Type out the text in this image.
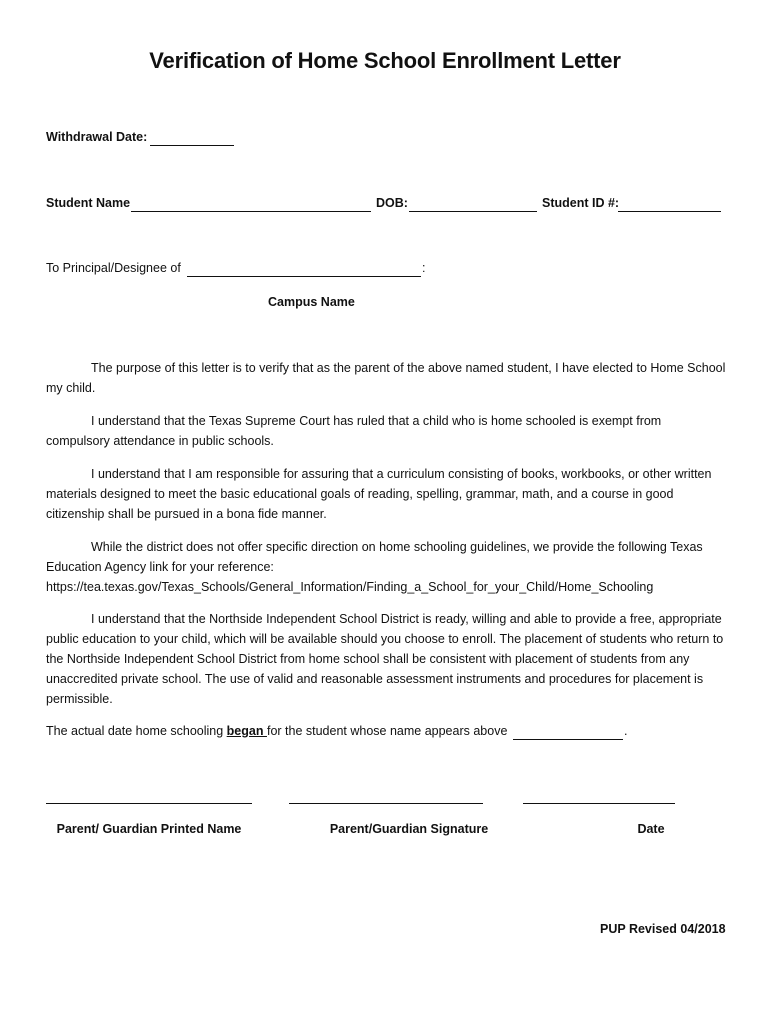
Verification of Home School Enrollment Letter
Withdrawal Date:
Student Name	DOB:	Student ID #:
To Principal/Designee of	:
Campus Name

The purpose of this letter is to verify that as the parent of the above named student, I have elected to Home School my child.

I understand that the Texas Supreme Court has ruled that a child who is home schooled is exempt from compulsory attendance in public schools.

I understand that I am responsible for assuring that a curriculum consisting of books, workbooks, or other written materials designed to meet the basic educational goals of reading, spelling, grammar, math, and a course in good citizenship shall be pursued in a bona fide manner.

While the district does not offer specific direction on home schooling guidelines, we provide the following Texas Education Agency link for your reference:
https://tea.texas.gov/Texas_Schools/General_Information/Finding_a_School_for_your_Child/Home_Schooling

I understand that the Northside Independent School District is ready, willing and able to provide a free, appropriate public education to your child, which will be available should you choose to enroll. The placement of students who return to the Northside Independent School District from home school shall be consistent with placement of students from any unaccredited private school. The use of valid and reasonable assessment instruments and procedures for placement is permissible.

The actual date home schooling began for the student whose name appears above	.
Parent/ Guardian Printed Name	Parent/Guardian Signature	Date
PUP Revised 04/2018
